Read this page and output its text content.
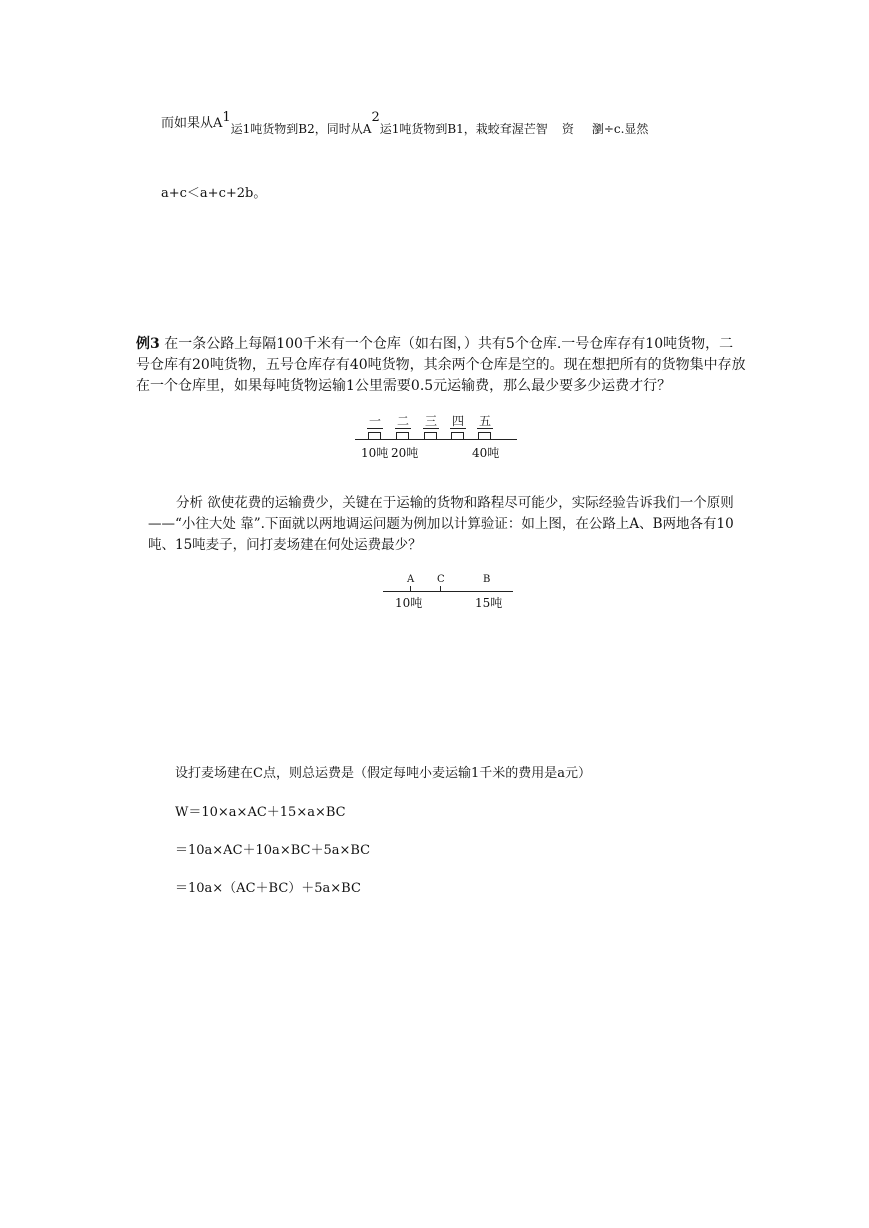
而如果从A1运1吨货物到B2，同时从A2运1吨货物到B1，栽蛟耷渥芒智 资 瀏÷c.显然
a+c＜a+c+2b。
例3 在一条公路上每隔100千米有一个仓库（如右图，）共有5个仓库.一号仓库存有10吨货物，二号仓库有20吨货物，五号仓库存有40吨货物，其余两个仓库是空的。现在想把所有的货物集中存放在一个仓库里，如果每吨货物运输1公里需要0.5元运输费，那么最少要多少运费才行？
一 二 三 四 五
10吨 20吨	40吨
分析 欲使花费的运输费少，关键在于运输的货物和路程尽可能少，实际经验告诉我们一个原则——“小往大处 靠”.下面就以两地调运问题为例加以计算验证：如上图，在公路上A、B两地各有10吨、15吨麦子，问打麦场建在何处运费最少？
A C	B
10吨	15吨
设打麦场建在C点，则总运费是（假定每吨小麦运输1千米的费用是a元）
W＝10×a×AC＋15×a×BC
＝10a×AC＋10a×BC＋5a×BC
＝10a×（AC＋BC）＋5a×BC
